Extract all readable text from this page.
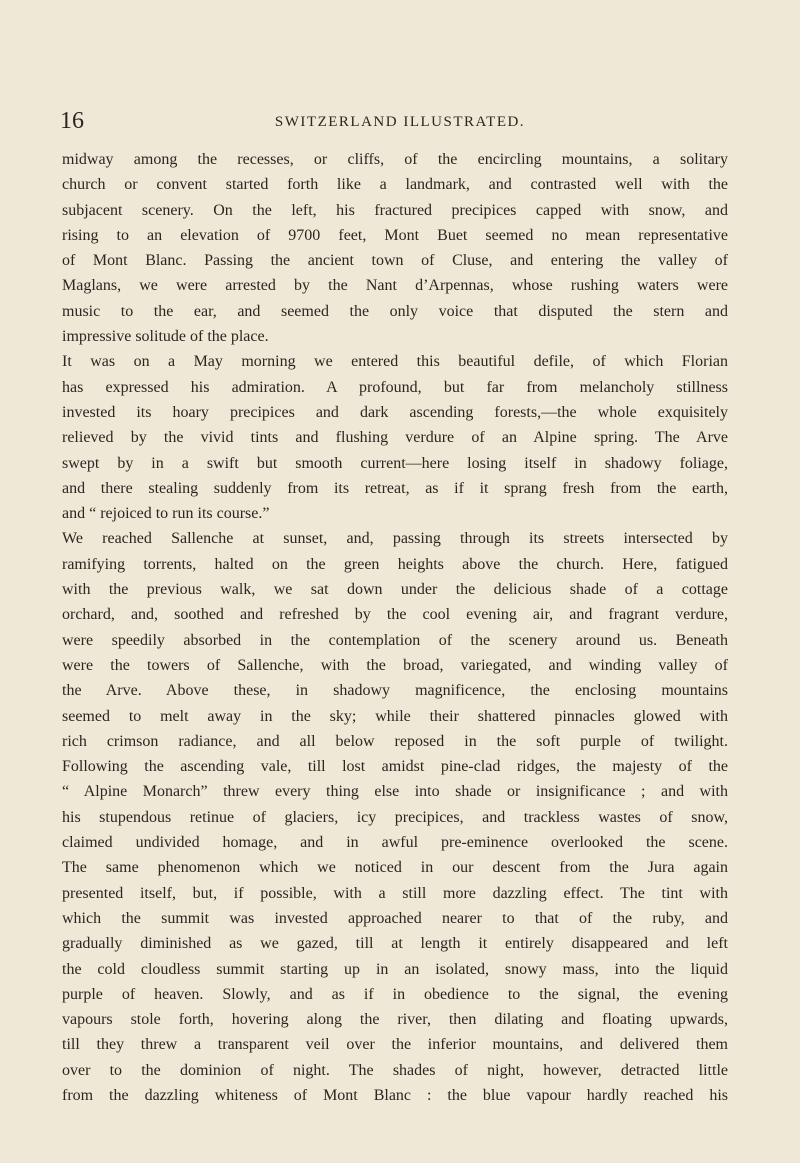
16	SWITZERLAND ILLUSTRATED.
midway among the recesses, or cliffs, of the encircling mountains, a solitary
church or convent started forth like a landmark, and contrasted well with the
subjacent scenery. On the left, his fractured precipices capped with snow, and
rising to an elevation of 9700 feet, Mont Buet seemed no mean representative
of Mont Blanc. Passing the ancient town of Cluse, and entering the valley of
Maglans, we were arrested by the Nant d’Arpennas, whose rushing waters were
music to the ear, and seemed the only voice that disputed the stern and
impressive solitude of the place.
It was on a May morning we entered this beautiful defile, of which Florian
has expressed his admiration. A profound, but far from melancholy stillness
invested its hoary precipices and dark ascending forests,—the whole exquisitely
relieved by the vivid tints and flushing verdure of an Alpine spring. The Arve
swept by in a swift but smooth current—here losing itself in shadowy foliage,
and there stealing suddenly from its retreat, as if it sprang fresh from the earth,
and “ rejoiced to run its course.”
We reached Sallenche at sunset, and, passing through its streets intersected by
ramifying torrents, halted on the green heights above the church. Here, fatigued
with the previous walk, we sat down under the delicious shade of a cottage
orchard, and, soothed and refreshed by the cool evening air, and fragrant verdure,
were speedily absorbed in the contemplation of the scenery around us. Beneath
were the towers of Sallenche, with the broad, variegated, and winding valley of
the Arve. Above these, in shadowy magnificence, the enclosing mountains
seemed to melt away in the sky; while their shattered pinnacles glowed with
rich crimson radiance, and all below reposed in the soft purple of twilight.
Following the ascending vale, till lost amidst pine-clad ridges, the majesty of the
“ Alpine Monarch” threw every thing else into shade or insignificance ; and with
his stupendous retinue of glaciers, icy precipices, and trackless wastes of snow,
claimed undivided homage, and in awful pre-eminence overlooked the scene.
The same phenomenon which we noticed in our descent from the Jura again
presented itself, but, if possible, with a still more dazzling effect. The tint with
which the summit was invested approached nearer to that of the ruby, and
gradually diminished as we gazed, till at length it entirely disappeared and left
the cold cloudless summit starting up in an isolated, snowy mass, into the liquid
purple of heaven. Slowly, and as if in obedience to the signal, the evening
vapours stole forth, hovering along the river, then dilating and floating upwards,
till they threw a transparent veil over the inferior mountains, and delivered them
over to the dominion of night. The shades of night, however, detracted little
from the dazzling whiteness of Mont Blanc : the blue vapour hardly reached his
